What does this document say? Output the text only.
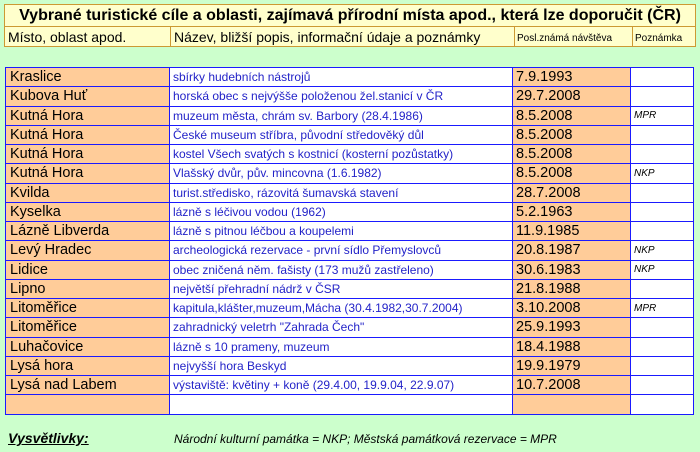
Vybrané turistické cíle a oblasti, zajímavá přírodní místa apod., která lze doporučit (ČR)
Místo, oblast apod.	Název, bližší popis, informační údaje a poznámky	Posl.známá návštěva	Poznámka
Kraslice	sbírky hudebních nástrojů	7.9.1993	
Kubova Huť	horská obec s nejvýšše položenou žel.stanicí v ČR	29.7.2008	
Kutná Hora	muzeum města, chrám sv. Barbory (28.4.1986)	8.5.2008	MPR
Kutná Hora	České museum stříbra, původní středověký důl	8.5.2008	
Kutná Hora	kostel Všech svatých s kostnicí (kosterní pozůstatky)	8.5.2008	
Kutná Hora	Vlašský dvůr, pův. mincovna (1.6.1982)	8.5.2008	NKP
Kvilda	turist.středisko, rázovitá šumavská stavení	28.7.2008	
Kyselka	lázně s léčivou vodou (1962)	5.2.1963	
Lázně Libverda	lázně s pitnou léčbou a koupelemi	11.9.1985	
Levý Hradec	archeologická rezervace - první sídlo Přemyslovců	20.8.1987	NKP
Lidice	obec zničená něm. fašisty (173 mužů zastřeleno)	30.6.1983	NKP
Lipno	největší přehradní nádrž v ČSR	21.8.1988	
Litoměřice	kapitula,klášter,muzeum,Mácha (30.4.1982,30.7.2004)	3.10.2008	MPR
Litoměřice	zahradnický veletrh "Zahrada Čech"	25.9.1993	
Luhačovice	lázně s 10 prameny, muzeum	18.4.1988	
Lysá hora	nejvyšší hora Beskyd	19.9.1979	
Lysá nad Labem	výstaviště: květiny + koně (29.4.00, 19.9.04, 22.9.07)	10.7.2008	

Vysvětlivky:	Národní kulturní památka = NKP; Městská památková rezervace = MPR
